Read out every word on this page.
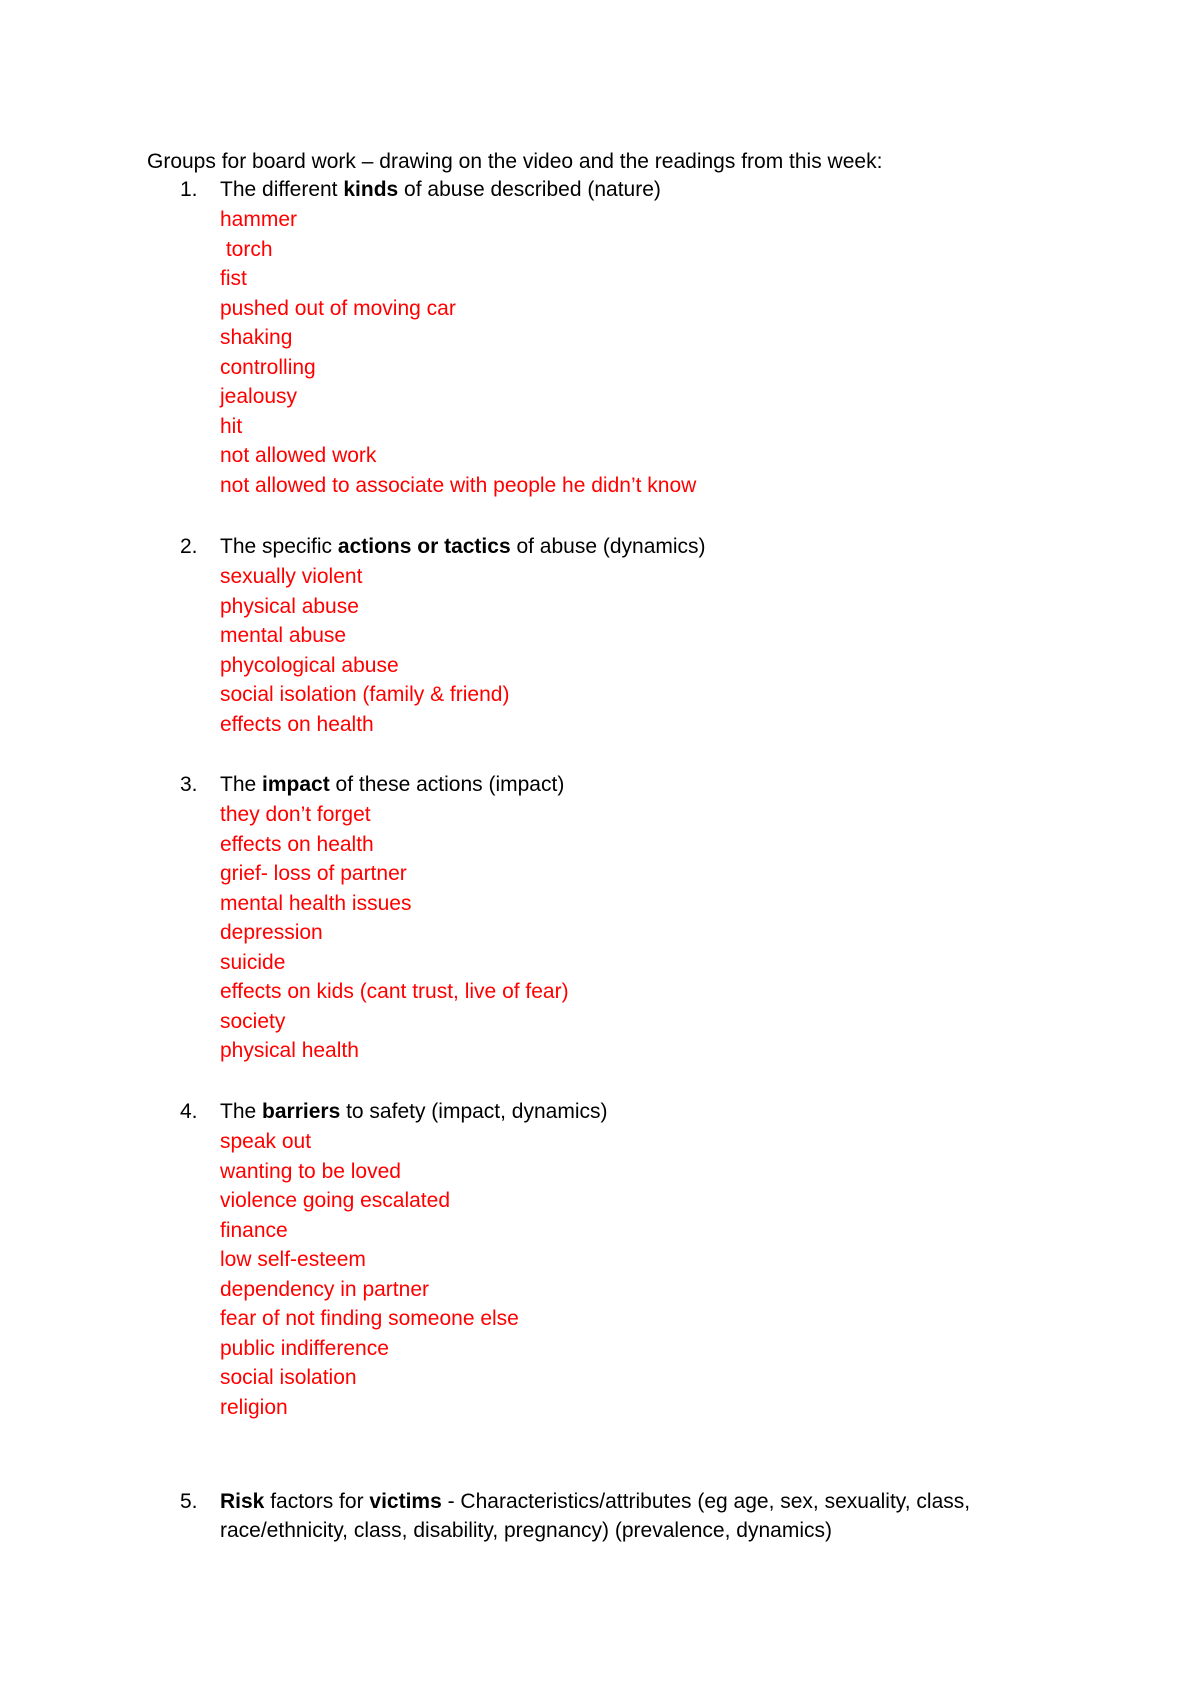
Groups for board work – drawing on the video and the readings from this week:
1. The different kinds of abuse described (nature)
hammer
torch
fist
pushed out of moving car
shaking
controlling
jealousy
hit
not allowed work
not allowed to associate with people he didn’t know
2. The specific actions or tactics of abuse (dynamics)
sexually violent
physical abuse
mental abuse
phycological abuse
social isolation (family & friend)
effects on health
3. The impact of these actions (impact)
they don’t forget
effects on health
grief- loss of partner
mental health issues
depression
suicide
effects on kids (cant trust, live of fear)
society
physical health
4. The barriers to safety (impact, dynamics)
speak out
wanting to be loved
violence going escalated
finance
low self-esteem
dependency in partner
fear of not finding someone else
public indifference
social isolation
religion
5. Risk factors for victims - Characteristics/attributes (eg age, sex, sexuality, class, race/ethnicity, class, disability, pregnancy) (prevalence, dynamics)
